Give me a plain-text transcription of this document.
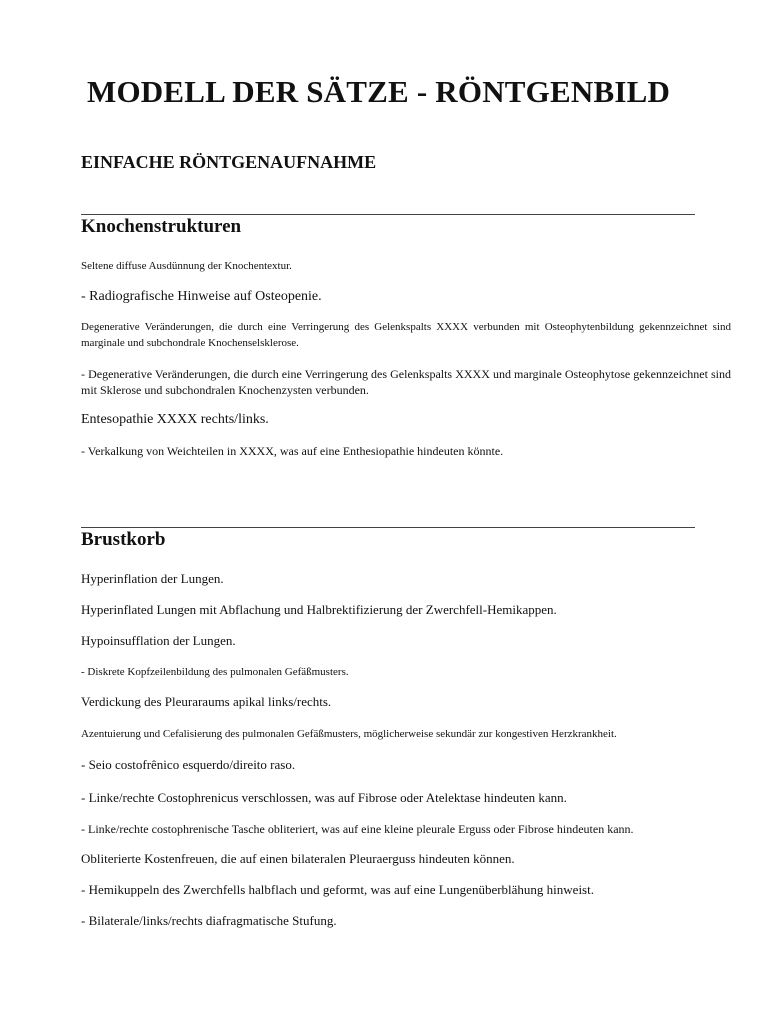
MODELL DER SÄTZE - RÖNTGENBILD
EINFACHE RÖNTGENAUFNAHME
Knochenstrukturen

Seltene diffuse Ausdünnung der Knochentextur.

- Radiografische Hinweise auf Osteopenie.

Degenerative Veränderungen, die durch eine Verringerung des Gelenkspalts XXXX verbunden mit Osteophytenbildung gekennzeichnet sind marginale und subchondrale Knochenselsklerose.

- Degenerative Veränderungen, die durch eine Verringerung des Gelenkspalts XXXX und marginale Osteophytose gekennzeichnet sind mit Sklerose und subchondralen Knochenzysten verbunden.

Entesopathie XXXX rechts/links.

- Verkalkung von Weichteilen in XXXX, was auf eine Enthesiopathie hindeuten könnte.

Brustkorb

Hyperinflation der Lungen.

Hyperinflated Lungen mit Abflachung und Halbrektifizierung der Zwerchfell-Hemikappen.

Hypoinsufflation der Lungen.

- Diskrete Kopfzeilenbildung des pulmonalen Gefäßmusters.

Verdickung des Pleuraraums apikal links/rechts.

Azentuierung und Cefalisierung des pulmonalen Gefäßmusters, möglicherweise sekundär zur kongestiven Herzkrankheit.

- Seio costofrênico esquerdo/direito raso.

- Linke/rechte Costophrenicus verschlossen, was auf Fibrose oder Atelektase hindeuten kann.

- Linke/rechte costophrenische Tasche obliteriert, was auf eine kleine pleurale Erguss oder Fibrose hindeuten kann.

Obliterierte Kostenfreuen, die auf einen bilateralen Pleuraerguss hindeuten können.

- Hemikuppeln des Zwerchfells halbflach und geformt, was auf eine Lungenüberblähung hinweist.

- Bilaterale/links/rechts diafragmatische Stufung.
